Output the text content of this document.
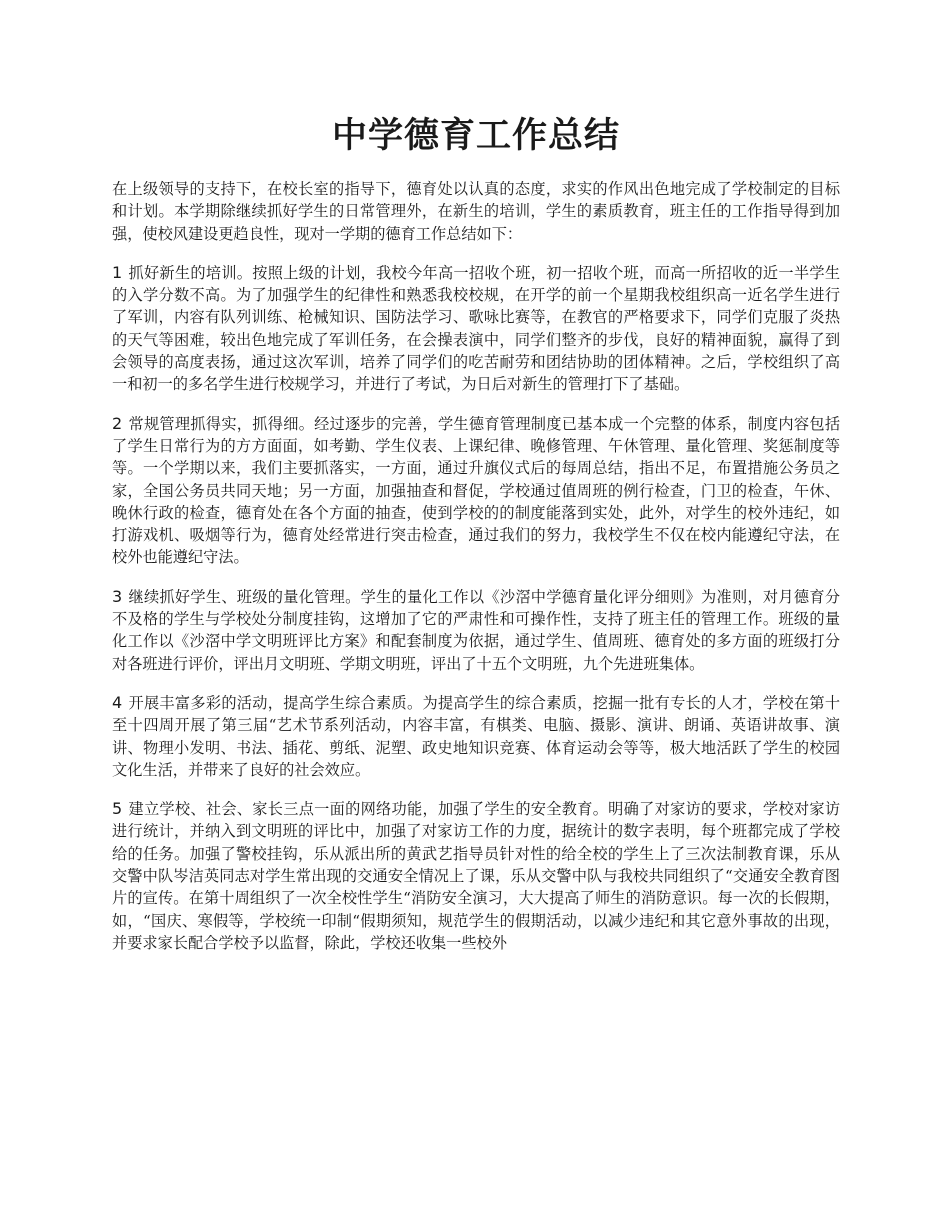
中学德育工作总结

在上级领导的支持下，在校长室的指导下，德育处以认真的态度，求实的作风出色地完成了学校制定的目标和计划。本学期除继续抓好学生的日常管理外，在新生的培训，学生的素质教育，班主任的工作指导得到加强，使校风建设更趋良性，现对一学期的德育工作总结如下：

1 抓好新生的培训。按照上级的计划，我校今年高一招收个班，初一招收个班，而高一所招收的近一半学生的入学分数不高。为了加强学生的纪律性和熟悉我校校规，在开学的前一个星期我校组织高一近名学生进行了军训，内容有队列训练、枪械知识、国防法学习、歌咏比赛等，在教官的严格要求下，同学们克服了炎热的天气等困难，较出色地完成了军训任务，在会操表演中，同学们整齐的步伐，良好的精神面貌，赢得了到会领导的高度表扬，通过这次军训，培养了同学们的吃苦耐劳和团结协助的团体精神。之后，学校组织了高一和初一的多名学生进行校规学习，并进行了考试，为日后对新生的管理打下了基础。

2 常规管理抓得实，抓得细。经过逐步的完善，学生德育管理制度已基本成一个完整的体系，制度内容包括了学生日常行为的方方面面，如考勤、学生仪表、上课纪律、晚修管理、午休管理、量化管理、奖惩制度等等。一个学期以来，我们主要抓落实，一方面，通过升旗仪式后的每周总结，指出不足，布置措施公务员之家，全国公务员共同天地；另一方面，加强抽查和督促，学校通过值周班的例行检查，门卫的检查，午休、晚休行政的检查，德育处在各个方面的抽查，使到学校的的制度能落到实处，此外，对学生的校外违纪，如打游戏机、吸烟等行为，德育处经常进行突击检查，通过我们的努力，我校学生不仅在校内能遵纪守法，在校外也能遵纪守法。

3 继续抓好学生、班级的量化管理。学生的量化工作以《沙滘中学德育量化评分细则》为准则，对月德育分不及格的学生与学校处分制度挂钩，这增加了它的严肃性和可操作性，支持了班主任的管理工作。班级的量化工作以《沙滘中学文明班评比方案》和配套制度为依据，通过学生、值周班、德育处的多方面的班级打分对各班进行评价，评出月文明班、学期文明班，评出了十五个文明班，九个先进班集体。

4 开展丰富多彩的活动，提高学生综合素质。为提高学生的综合素质，挖掘一批有专长的人才，学校在第十至十四周开展了第三届“艺术节系列活动，内容丰富，有棋类、电脑、摄影、演讲、朗诵、英语讲故事、演讲、物理小发明、书法、插花、剪纸、泥塑、政史地知识竞赛、体育运动会等等，极大地活跃了学生的校园文化生活，并带来了良好的社会效应。

5 建立学校、社会、家长三点一面的网络功能，加强了学生的安全教育。明确了对家访的要求，学校对家访进行统计，并纳入到文明班的评比中，加强了对家访工作的力度，据统计的数字表明，每个班都完成了学校给的任务。加强了警校挂钩，乐从派出所的黄武艺指导员针对性的给全校的学生上了三次法制教育课，乐从交警中队岑洁英同志对学生常出现的交通安全情况上了课，乐从交警中队与我校共同组织了“交通安全教育图片的宣传。在第十周组织了一次全校性学生“消防安全演习，大大提高了师生的消防意识。每一次的长假期，如，“国庆、寒假等，学校统一印制“假期须知，规范学生的假期活动，以减少违纪和其它意外事故的出现，并要求家长配合学校予以监督，除此，学校还收集一些校外
